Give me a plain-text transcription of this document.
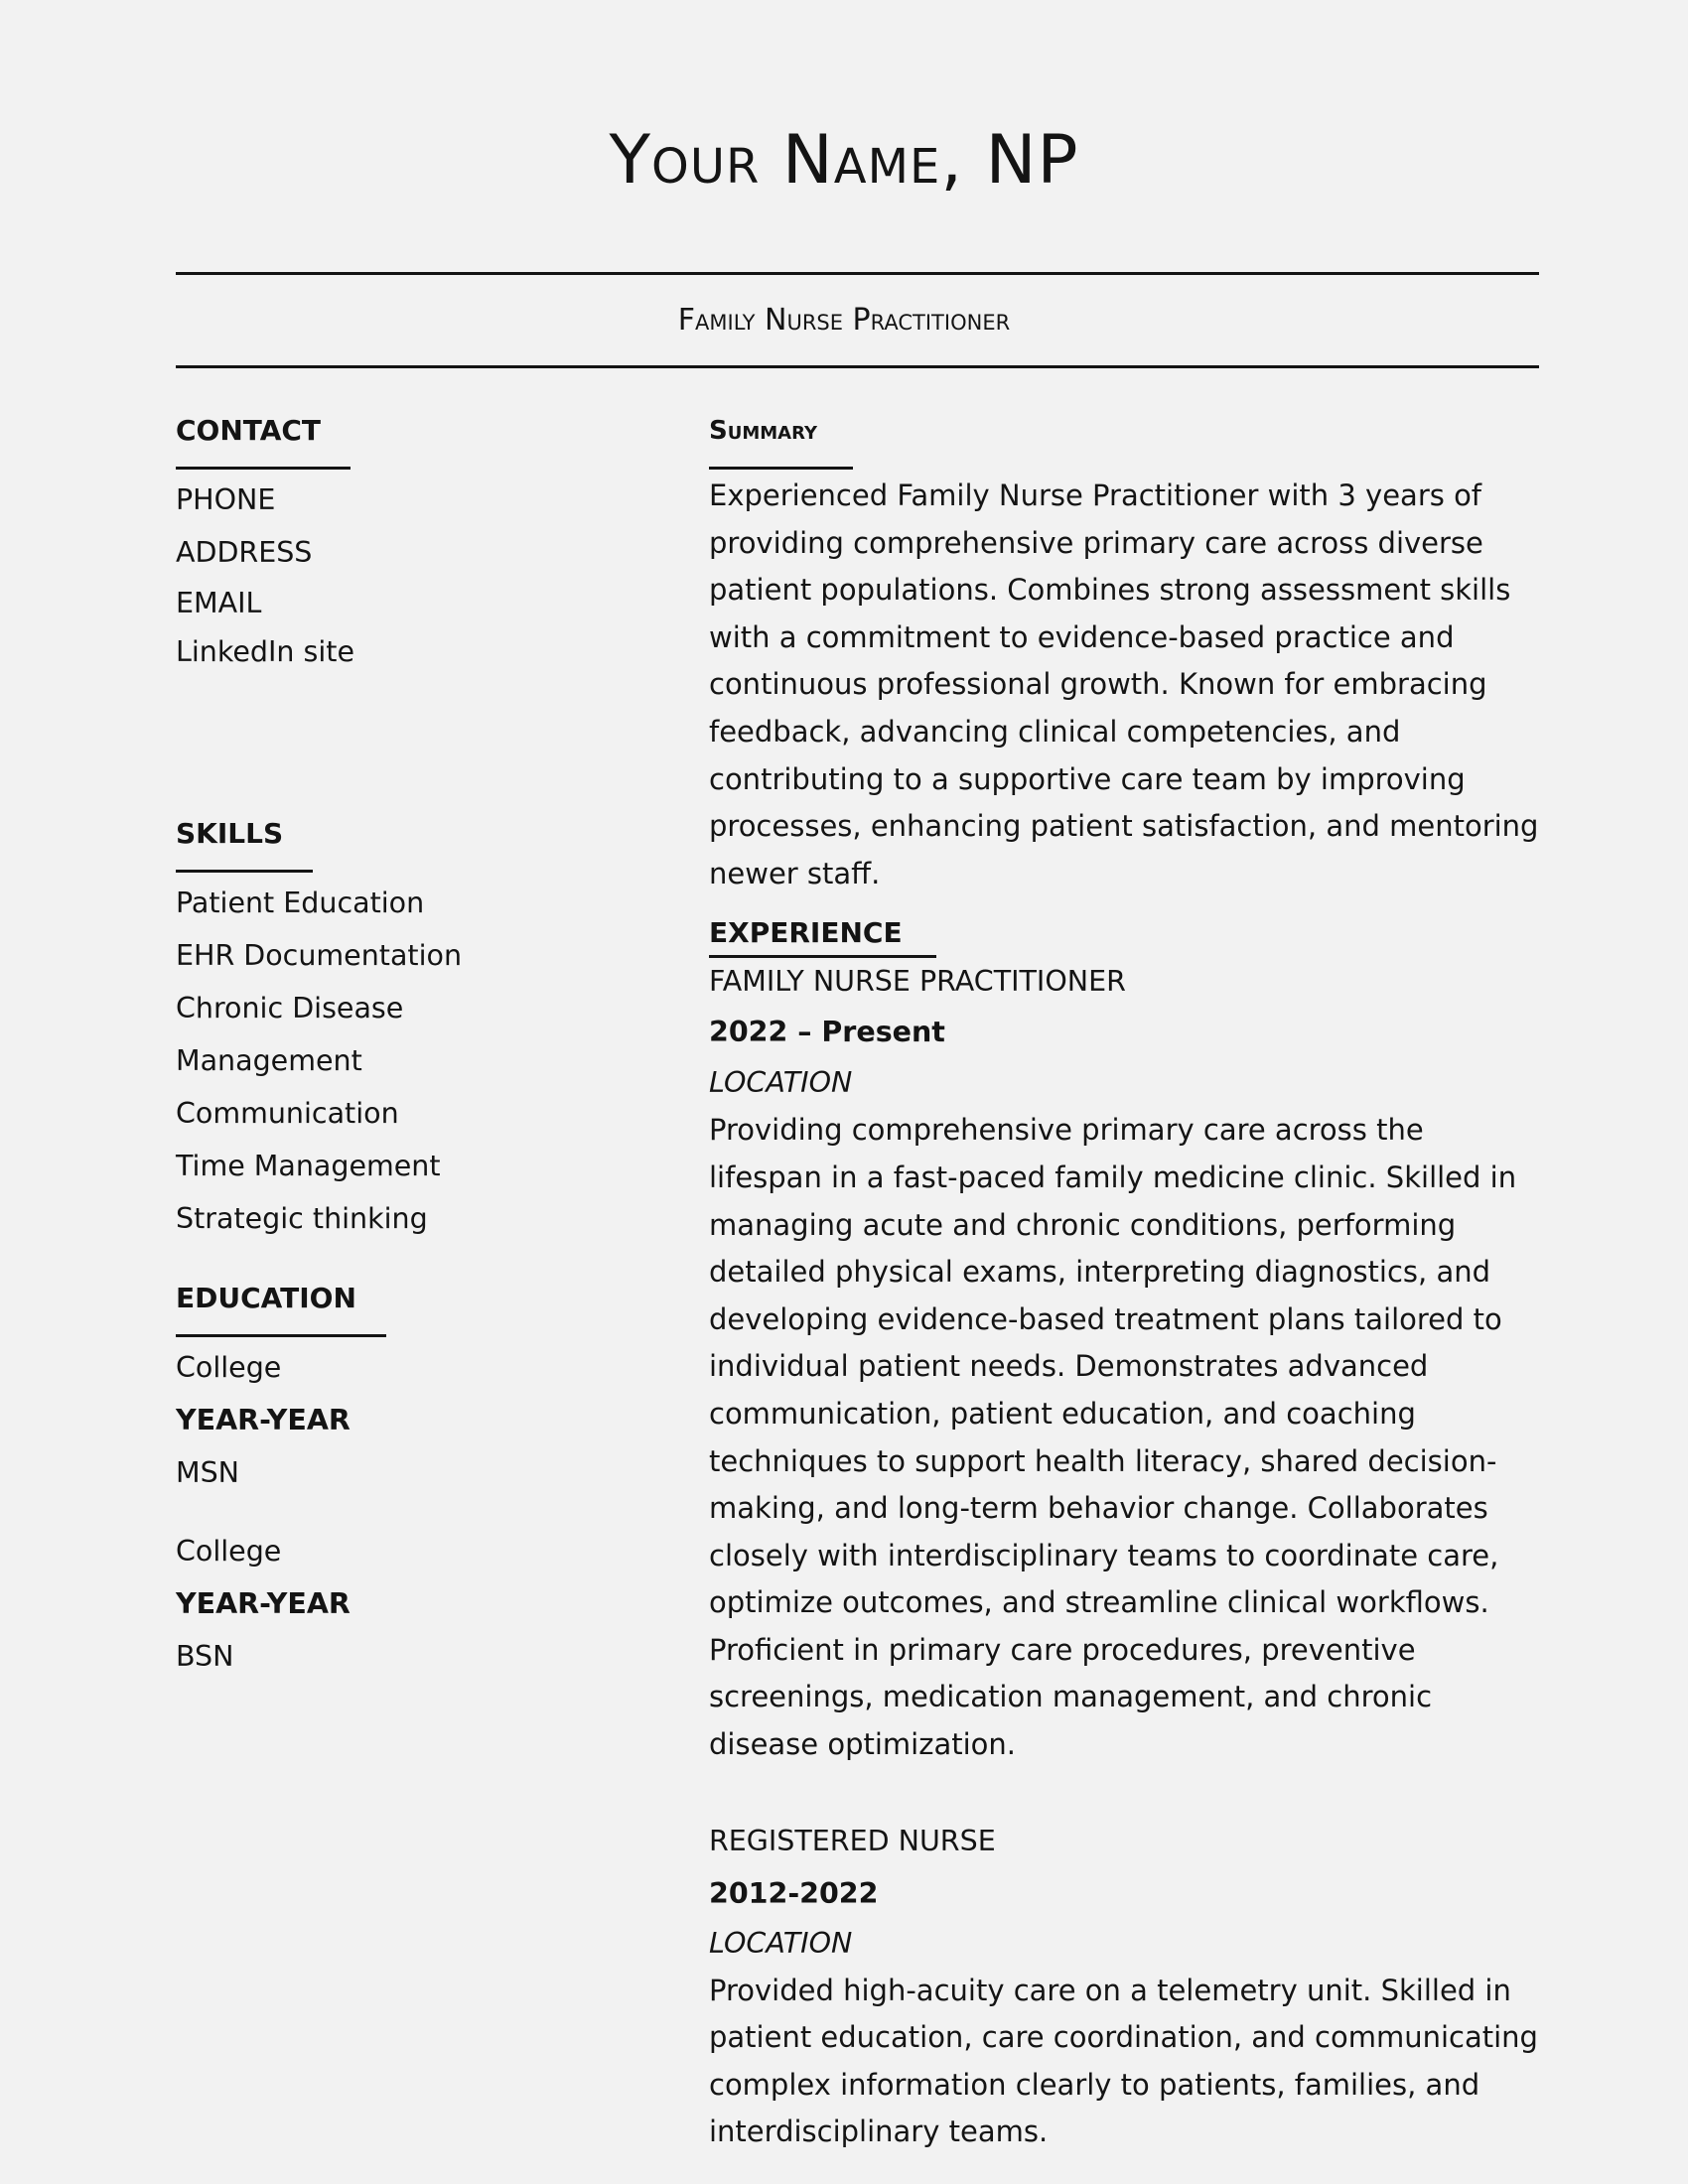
Your Name, NP
Family Nurse Practitioner
CONTACT

PHONE

ADDRESS

EMAIL

LinkedIn site

SKILLS

Patient Education

EHR Documentation

Chronic Disease

Management

Communication

Time Management

Strategic thinking

EDUCATION

College

YEAR-YEAR

MSN

College

YEAR-YEAR

BSN

Summary

Experienced Family Nurse Practitioner with 3 years of providing comprehensive primary care across diverse patient populations. Combines strong assessment skills with a commitment to evidence-based practice and continuous professional growth. Known for embracing feedback, advancing clinical competencies, and contributing to a supportive care team by improving processes, enhancing patient satisfaction, and mentoring newer staff.

EXPERIENCE

FAMILY NURSE PRACTITIONER

2022 – Present

LOCATION

Providing comprehensive primary care across the lifespan in a fast-paced family medicine clinic. Skilled in managing acute and chronic conditions, performing detailed physical exams, interpreting diagnostics, and developing evidence-based treatment plans tailored to individual patient needs. Demonstrates advanced communication, patient education, and coaching techniques to support health literacy, shared decision-making, and long-term behavior change. Collaborates closely with interdisciplinary teams to coordinate care, optimize outcomes, and streamline clinical workflows. Proficient in primary care procedures, preventive screenings, medication management, and chronic disease optimization.

REGISTERED NURSE

2012-2022

LOCATION

Provided high-acuity care on a telemetry unit. Skilled in patient education, care coordination, and communicating complex information clearly to patients, families, and interdisciplinary teams.
